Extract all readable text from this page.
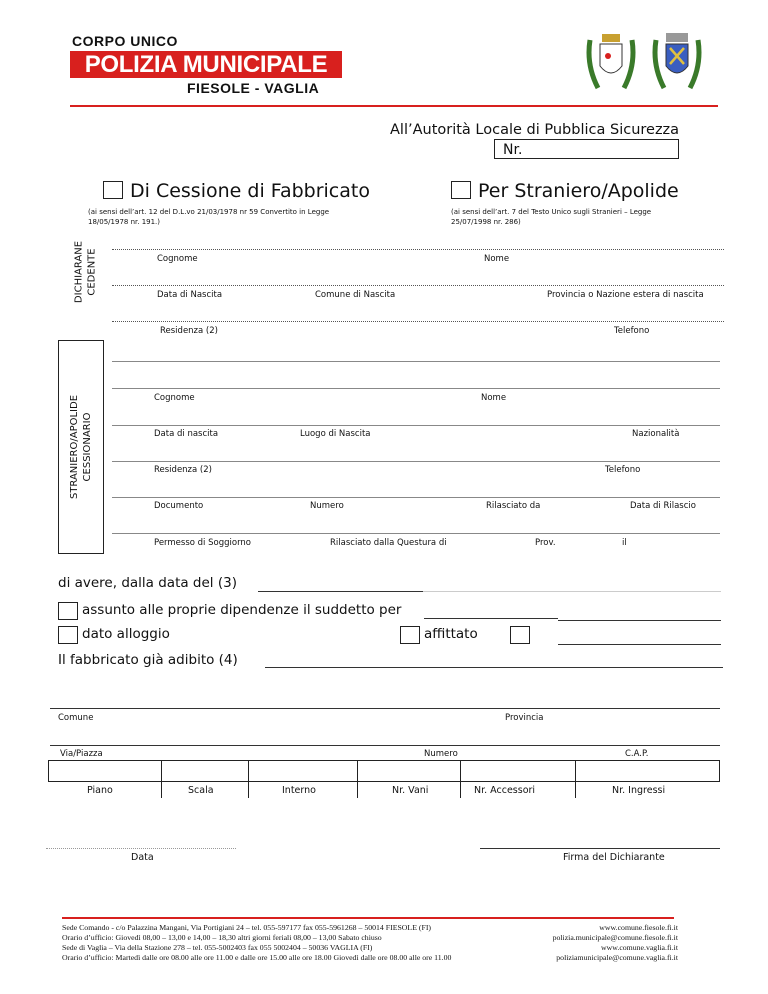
CORPO UNICO
POLIZIA MUNICIPALE
FIESOLE - VAGLIA
All’Autorità Locale di Pubblica Sicurezza
Nr.
Di Cessione di Fabbricato
(ai sensi dell’art. 12 del D.L.vo 21/03/1978 nr 59 Convertito in Legge
18/05/1978 nr. 191.)
Per Straniero/Apolide
(ai sensi dell’art. 7 del Testo Unico sugli Stranieri – Legge
25/07/1998 nr. 286)
DICHIARANE CEDENTE	Cognome	Nome
Data di Nascita	Comune di Nascita	Provincia o Nazione estera di nascita
Residenza (2)	Telefono
STRANIERO/APOLIDE CESSIONARIO
Cognome	Nome
Data di nascita	Luogo di Nascita	Nazionalità
Residenza (2)	Telefono
Documento	Numero	Rilasciato da	Data di Rilascio
Permesso di Soggiorno	Rilasciato dalla Questura di	Prov.	il
di avere, dalla data del (3)
assunto alle proprie dipendenze il suddetto per
dato alloggio	affittato
Il fabbricato già adibito (4)
Comune	Provincia
Via/Piazza	Numero	C.A.P.
Piano	Scala	Interno	Nr. Vani	Nr. Accessori	Nr. Ingressi
Data	Firma del Dichiarante
Sede Comando - c/o Palazzina Mangani, Via Portigiani 24 – tel. 055-597177 fax 055-5961268 – 50014 FIESOLE (FI)
Orario d’ufficio: Giovedì 08,00 – 13,00 e 14,00 – 18,30 altri giorni feriali 08,00 – 13,00 Sabato chiuso
Sede di Vaglia – Via della Stazione 278 – tel. 055-5002403 fax 055 5002404 – 50036 VAGLIA (FI)
Orario d’ufficio: Martedì dalle ore 08.00 alle ore 11.00 e dalle ore 15.00 alle ore 18.00 Giovedì dalle ore 08.00 alle ore 11.00
www.comune.fiesole.fi.it
polizia.municipale@comune.fiesole.fi.it
www.comune.vaglia.fi.it
poliziamunicipale@comune.vaglia.fi.it
